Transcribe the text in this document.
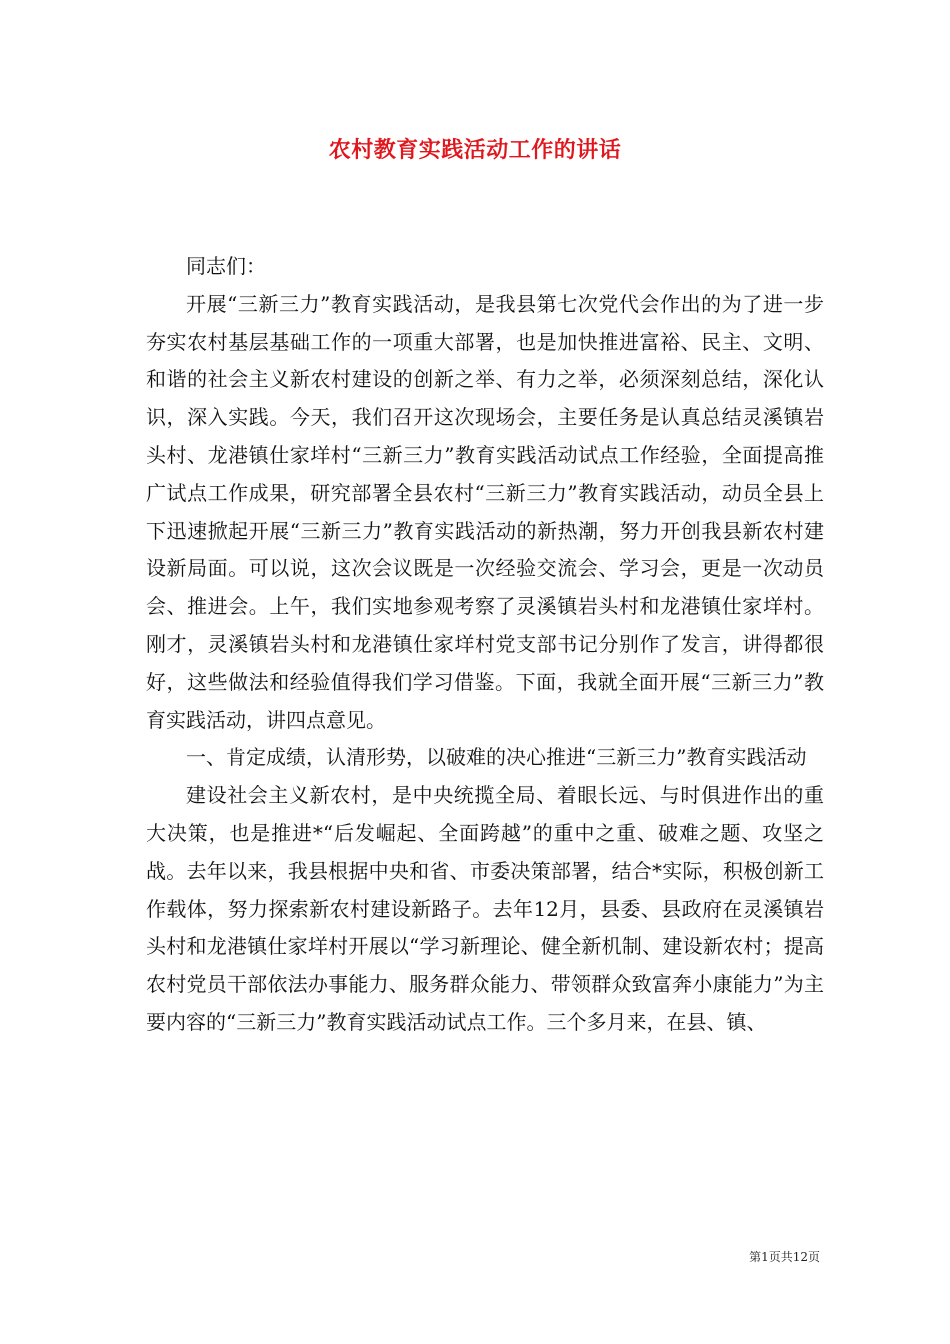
农村教育实践活动工作的讲话

同志们：

开展“三新三力”教育实践活动，是我县第七次党代会作出的为了进一步夯实农村基层基础工作的一项重大部署，也是加快推进富裕、民主、文明、和谐的社会主义新农村建设的创新之举、有力之举，必须深刻总结，深化认识，深入实践。今天，我们召开这次现场会，主要任务是认真总结灵溪镇岩头村、龙港镇仕家垟村“三新三力”教育实践活动试点工作经验，全面提高推广试点工作成果，研究部署全县农村“三新三力”教育实践活动，动员全县上下迅速掀起开展“三新三力”教育实践活动的新热潮，努力开创我县新农村建设新局面。可以说，这次会议既是一次经验交流会、学习会，更是一次动员会、推进会。上午，我们实地参观考察了灵溪镇岩头村和龙港镇仕家垟村。刚才，灵溪镇岩头村和龙港镇仕家垟村党支部书记分别作了发言，讲得都很好，这些做法和经验值得我们学习借鉴。下面，我就全面开展“三新三力”教育实践活动，讲四点意见。

一、肯定成绩，认清形势，以破难的决心推进“三新三力”教育实践活动

建设社会主义新农村，是中央统揽全局、着眼长远、与时俱进作出的重大决策，也是推进*“后发崛起、全面跨越”的重中之重、破难之题、攻坚之战。去年以来，我县根据中央和省、市委决策部署，结合*实际，积极创新工作载体，努力探索新农村建设新路子。去年12月，县委、县政府在灵溪镇岩头村和龙港镇仕家垟村开展以“学习新理论、健全新机制、建设新农村；提高农村党员干部依法办事能力、服务群众能力、带领群众致富奔小康能力”为主要内容的“三新三力”教育实践活动试点工作。三个多月来，在县、镇、

第1页共12页
